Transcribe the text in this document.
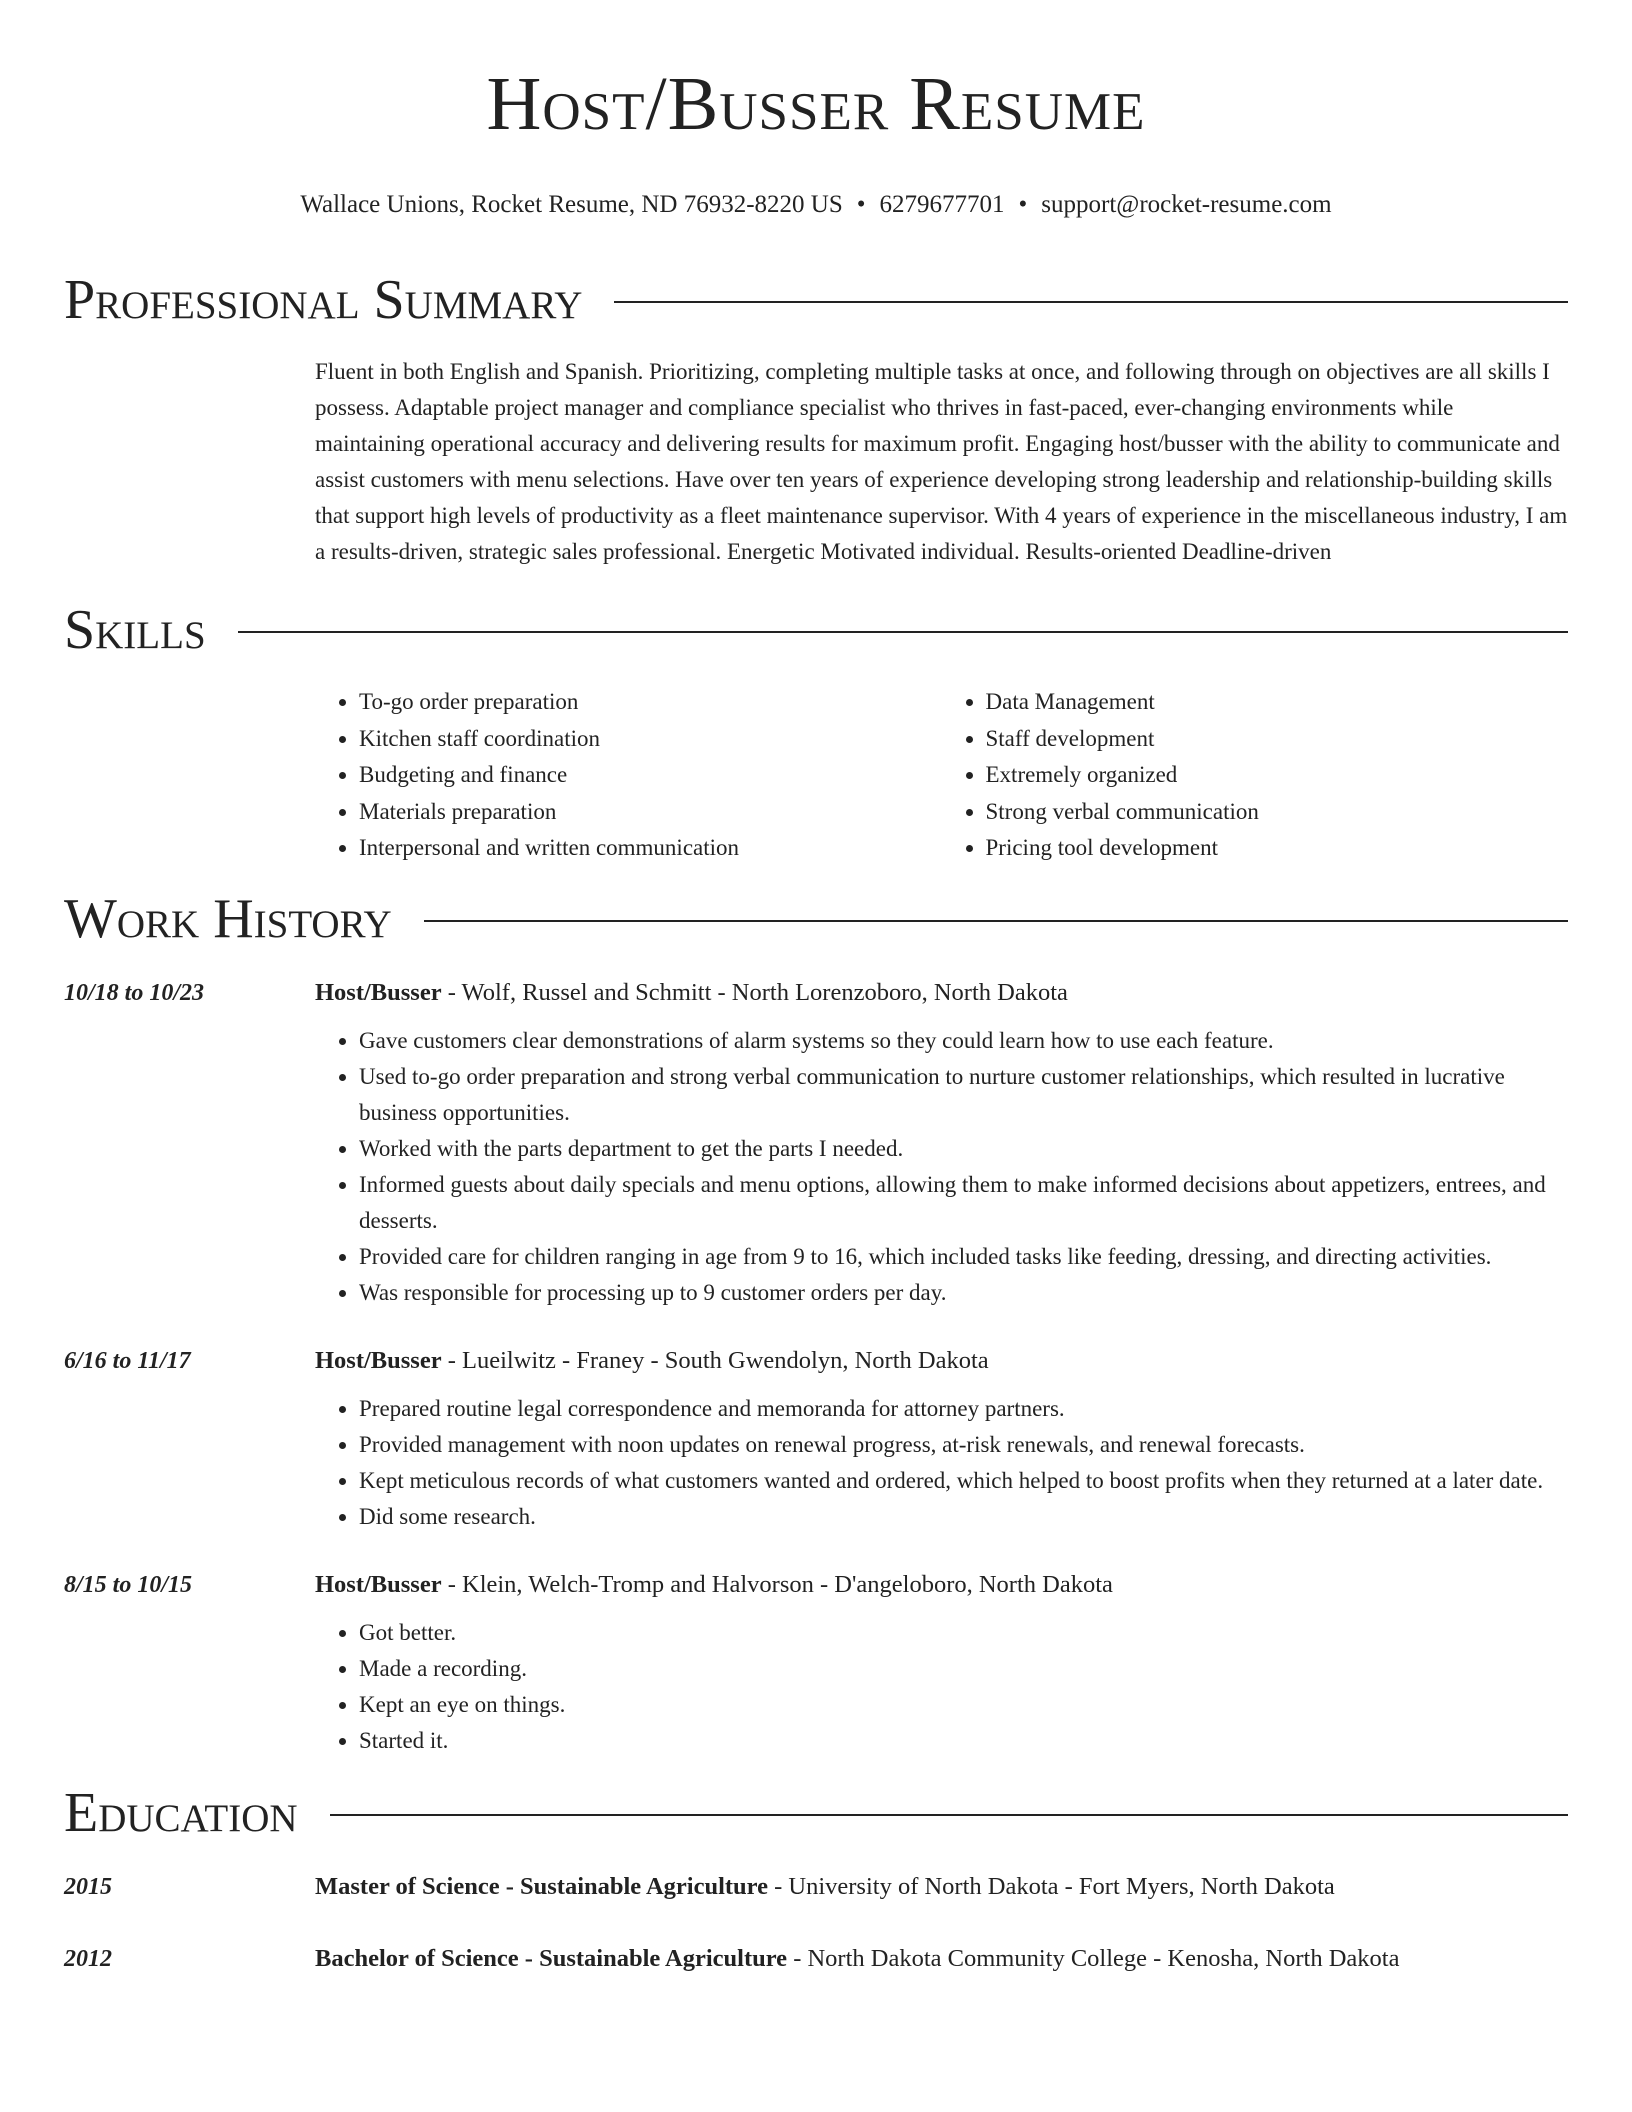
Host/Busser Resume
Wallace Unions, Rocket Resume, ND 76932-8220 US • 6279677701 • support@rocket-resume.com
Professional Summary

Fluent in both English and Spanish. Prioritizing, completing multiple tasks at once, and following through on objectives are all skills I possess. Adaptable project manager and compliance specialist who thrives in fast-paced, ever-changing environments while maintaining operational accuracy and delivering results for maximum profit. Engaging host/busser with the ability to communicate and assist customers with menu selections. Have over ten years of experience developing strong leadership and relationship-building skills that support high levels of productivity as a fleet maintenance supervisor. With 4 years of experience in the miscellaneous industry, I am a results-driven, strategic sales professional. Energetic Motivated individual. Results-oriented Deadline-driven

Skills
• To-go order preparation
• Kitchen staff coordination
• Budgeting and finance
• Materials preparation
• Interpersonal and written communication
• Data Management
• Staff development
• Extremely organized
• Strong verbal communication
• Pricing tool development
Work History
10/18 to 10/23	Host/Busser - Wolf, Russel and Schmitt - North Lorenzoboro, North Dakota
• Gave customers clear demonstrations of alarm systems so they could learn how to use each feature.
• Used to-go order preparation and strong verbal communication to nurture customer relationships, which resulted in lucrative business opportunities.
• Worked with the parts department to get the parts I needed.
• Informed guests about daily specials and menu options, allowing them to make informed decisions about appetizers, entrees, and desserts.
• Provided care for children ranging in age from 9 to 16, which included tasks like feeding, dressing, and directing activities.
• Was responsible for processing up to 9 customer orders per day.
6/16 to 11/17	Host/Busser - Lueilwitz - Franey - South Gwendolyn, North Dakota
• Prepared routine legal correspondence and memoranda for attorney partners.
• Provided management with noon updates on renewal progress, at-risk renewals, and renewal forecasts.
• Kept meticulous records of what customers wanted and ordered, which helped to boost profits when they returned at a later date.
• Did some research.
8/15 to 10/15	Host/Busser - Klein, Welch-Tromp and Halvorson - D'angeloboro, North Dakota
• Got better.
• Made a recording.
• Kept an eye on things.
• Started it.
Education
2015	Master of Science - Sustainable Agriculture - University of North Dakota - Fort Myers, North Dakota
2012	Bachelor of Science - Sustainable Agriculture - North Dakota Community College - Kenosha, North Dakota
